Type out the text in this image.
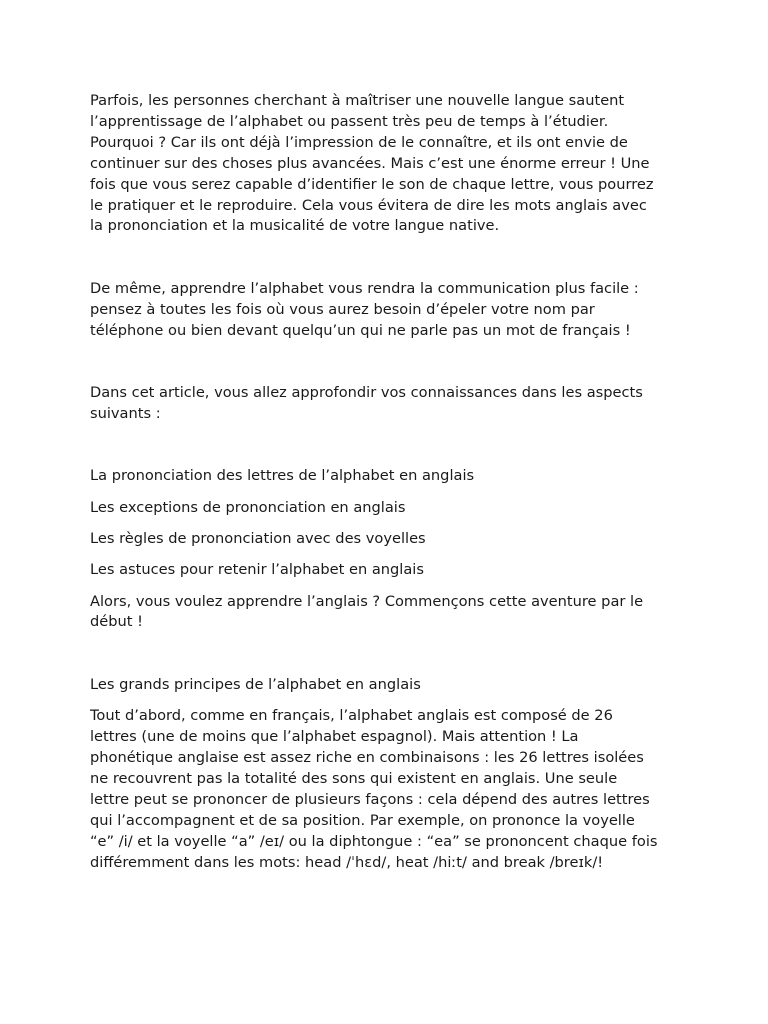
Parfois, les personnes cherchant à maîtriser une nouvelle langue sautent
l’apprentissage de l’alphabet ou passent très peu de temps à l’étudier.
Pourquoi ? Car ils ont déjà l’impression de le connaître, et ils ont envie de
continuer sur des choses plus avancées. Mais c’est une énorme erreur ! Une
fois que vous serez capable d’identifier le son de chaque lettre, vous pourrez
le pratiquer et le reproduire. Cela vous évitera de dire les mots anglais avec
la prononciation et la musicalité de votre langue native.

De même, apprendre l’alphabet vous rendra la communication plus facile :
pensez à toutes les fois où vous aurez besoin d’épeler votre nom par
téléphone ou bien devant quelqu’un qui ne parle pas un mot de français !

Dans cet article, vous allez approfondir vos connaissances dans les aspects
suivants :

La prononciation des lettres de l’alphabet en anglais

Les exceptions de prononciation en anglais

Les règles de prononciation avec des voyelles

Les astuces pour retenir l’alphabet en anglais

Alors, vous voulez apprendre l’anglais ? Commençons cette aventure par le
début !

Les grands principes de l’alphabet en anglais

Tout d’abord, comme en français, l’alphabet anglais est composé de 26
lettres (une de moins que l’alphabet espagnol). Mais attention ! La
phonétique anglaise est assez riche en combinaisons : les 26 lettres isolées
ne recouvrent pas la totalité des sons qui existent en anglais. Une seule
lettre peut se prononcer de plusieurs façons : cela dépend des autres lettres
qui l’accompagnent et de sa position. Par exemple, on prononce la voyelle
“e” /i/ et la voyelle “a” /eɪ/ ou la diphtongue : “ea” se prononcent chaque fois
différemment dans les mots: head /ˈhɛd/, heat /hiːt/ and break /breɪk/!
